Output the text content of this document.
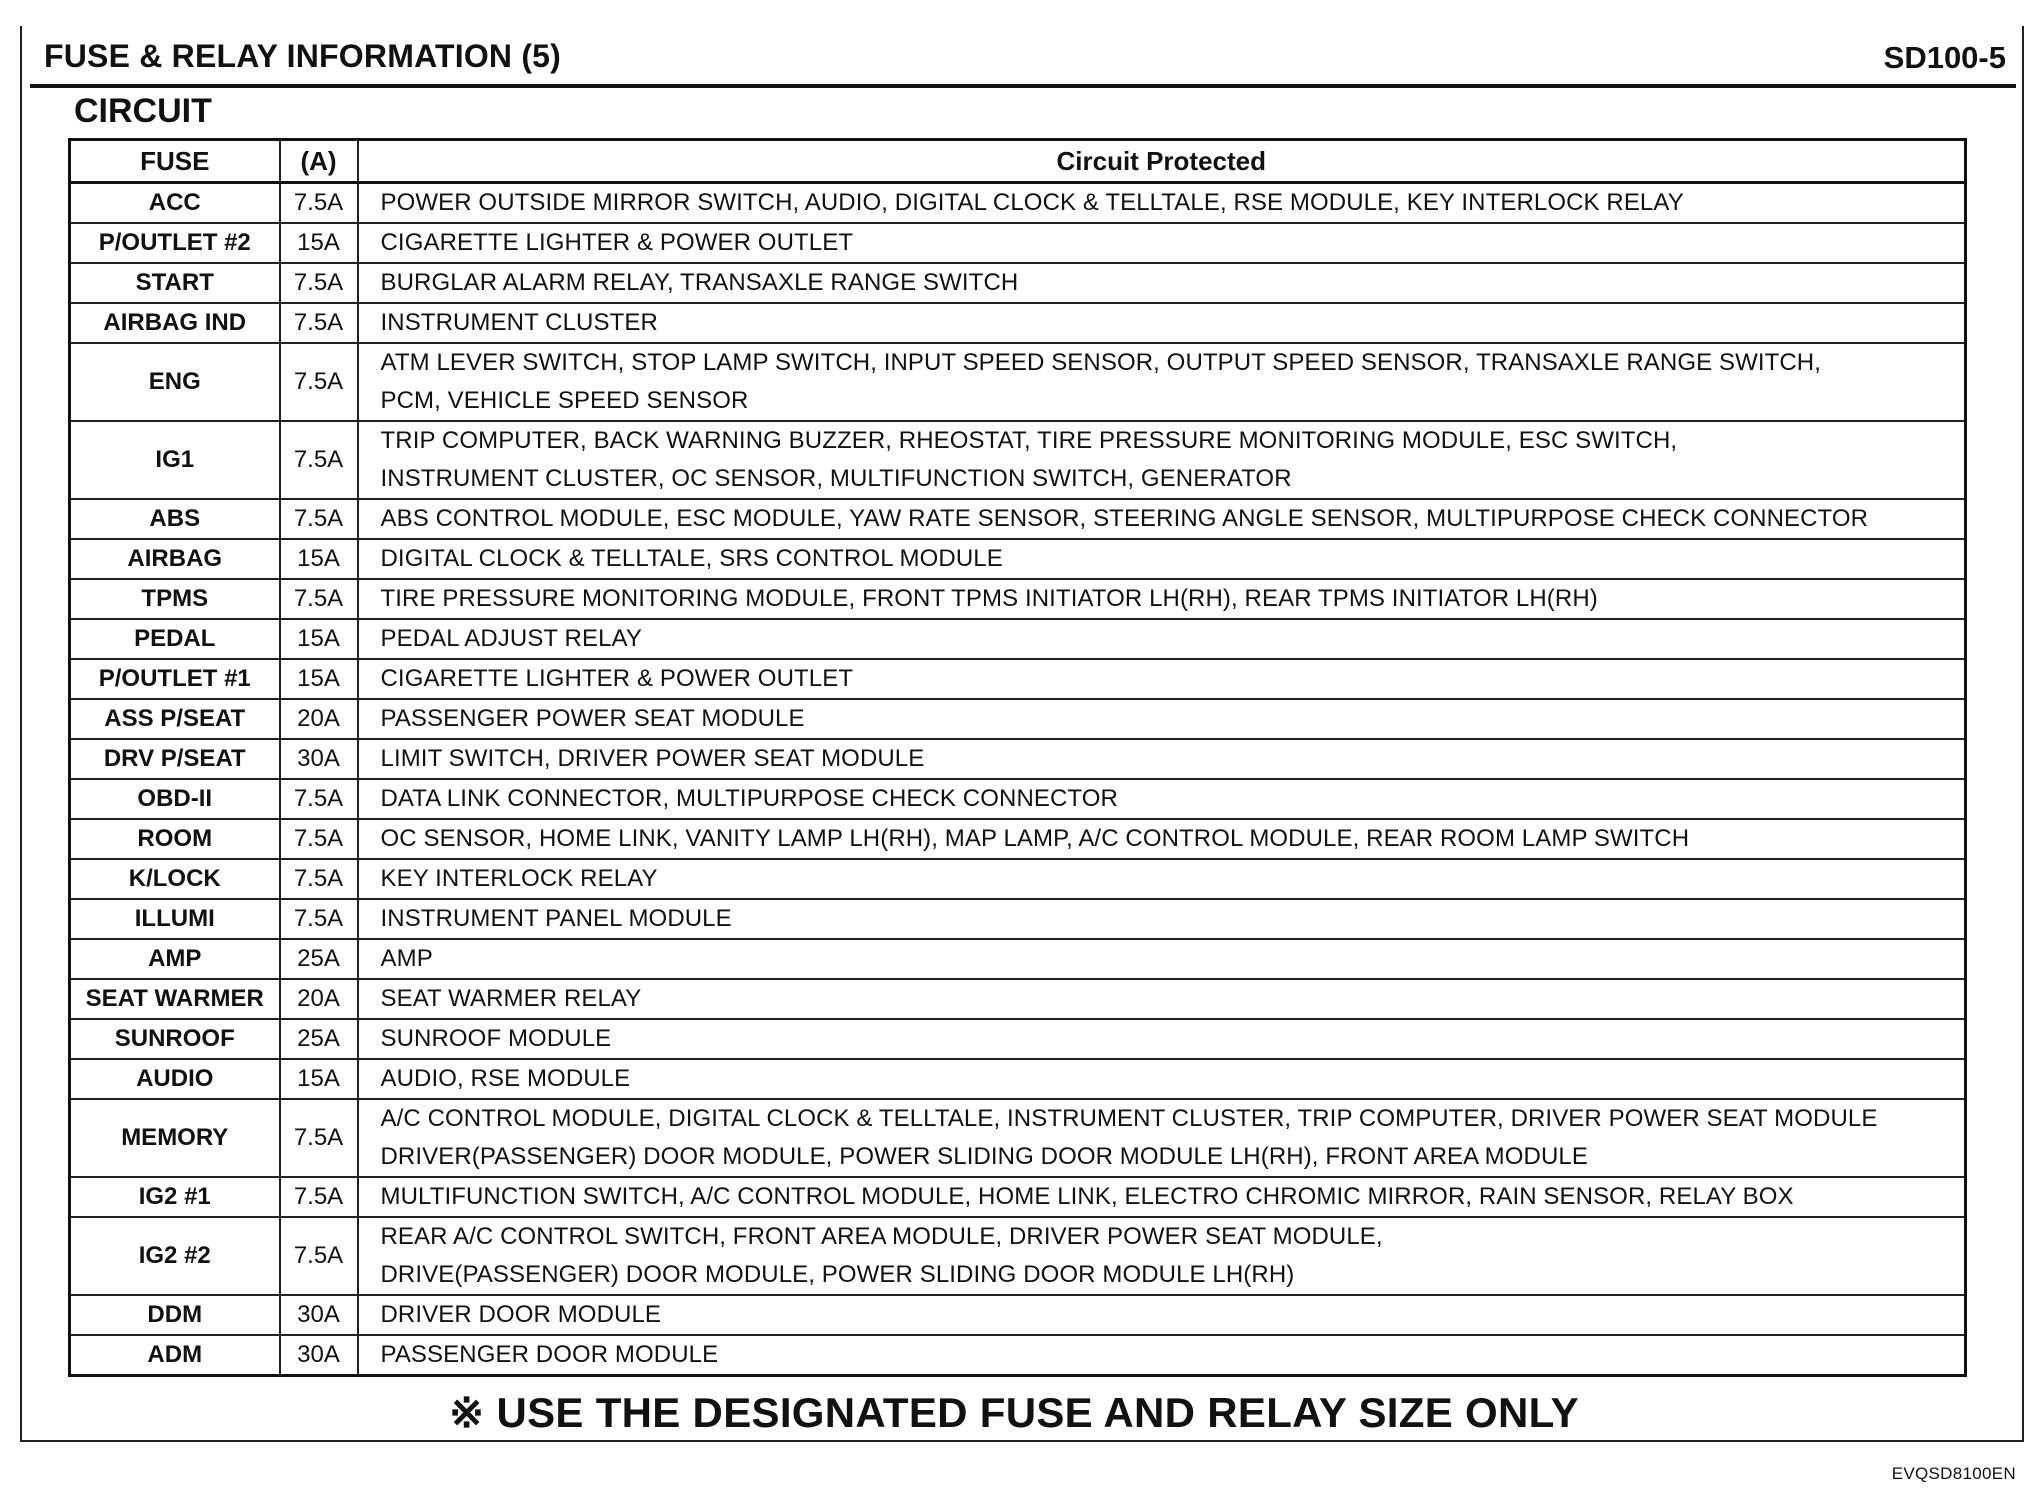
FUSE & RELAY INFORMATION (5)	SD100-5
CIRCUIT
FUSE	(A)	Circuit Protected
ACC	7.5A	POWER OUTSIDE MIRROR SWITCH, AUDIO, DIGITAL CLOCK & TELLTALE, RSE MODULE, KEY INTERLOCK RELAY

P/OUTLET #2	15A	CIGARETTE LIGHTER & POWER OUTLET

START	7.5A	BURGLAR ALARM RELAY, TRANSAXLE RANGE SWITCH

AIRBAG IND	7.5A	INSTRUMENT CLUSTER

ENG	7.5A	ATM LEVER SWITCH, STOP LAMP SWITCH, INPUT SPEED SENSOR, OUTPUT SPEED SENSOR, TRANSAXLE RANGE SWITCH,
PCM, VEHICLE SPEED SENSOR

IG1	7.5A	TRIP COMPUTER, BACK WARNING BUZZER, RHEOSTAT, TIRE PRESSURE MONITORING MODULE, ESC SWITCH,
INSTRUMENT CLUSTER, OC SENSOR, MULTIFUNCTION SWITCH, GENERATOR

ABS	7.5A	ABS CONTROL MODULE, ESC MODULE, YAW RATE SENSOR, STEERING ANGLE SENSOR, MULTIPURPOSE CHECK CONNECTOR

AIRBAG	15A	DIGITAL CLOCK & TELLTALE, SRS CONTROL MODULE

TPMS	7.5A	TIRE PRESSURE MONITORING MODULE, FRONT TPMS INITIATOR LH(RH), REAR TPMS INITIATOR LH(RH)

PEDAL	15A	PEDAL ADJUST RELAY

P/OUTLET #1	15A	CIGARETTE LIGHTER & POWER OUTLET

ASS P/SEAT	20A	PASSENGER POWER SEAT MODULE

DRV P/SEAT	30A	LIMIT SWITCH, DRIVER POWER SEAT MODULE

OBD-II	7.5A	DATA LINK CONNECTOR, MULTIPURPOSE CHECK CONNECTOR

ROOM	7.5A	OC SENSOR, HOME LINK, VANITY LAMP LH(RH), MAP LAMP, A/C CONTROL MODULE, REAR ROOM LAMP SWITCH

K/LOCK	7.5A	KEY INTERLOCK RELAY

ILLUMI	7.5A	INSTRUMENT PANEL MODULE

AMP	25A	AMP

SEAT WARMER	20A	SEAT WARMER RELAY

SUNROOF	25A	SUNROOF MODULE

AUDIO	15A	AUDIO, RSE MODULE

MEMORY	7.5A	A/C CONTROL MODULE, DIGITAL CLOCK & TELLTALE, INSTRUMENT CLUSTER, TRIP COMPUTER, DRIVER POWER SEAT MODULE
DRIVER(PASSENGER) DOOR MODULE, POWER SLIDING DOOR MODULE LH(RH), FRONT AREA MODULE

IG2 #1	7.5A	MULTIFUNCTION SWITCH, A/C CONTROL MODULE, HOME LINK, ELECTRO CHROMIC MIRROR, RAIN SENSOR, RELAY BOX

IG2 #2	7.5A	REAR A/C CONTROL SWITCH, FRONT AREA MODULE, DRIVER POWER SEAT MODULE,
DRIVE(PASSENGER) DOOR MODULE, POWER SLIDING DOOR MODULE LH(RH)

DDM	30A	DRIVER DOOR MODULE

ADM	30A	PASSENGER DOOR MODULE
※ USE THE DESIGNATED FUSE AND RELAY SIZE ONLY
EVQSD8100EN
